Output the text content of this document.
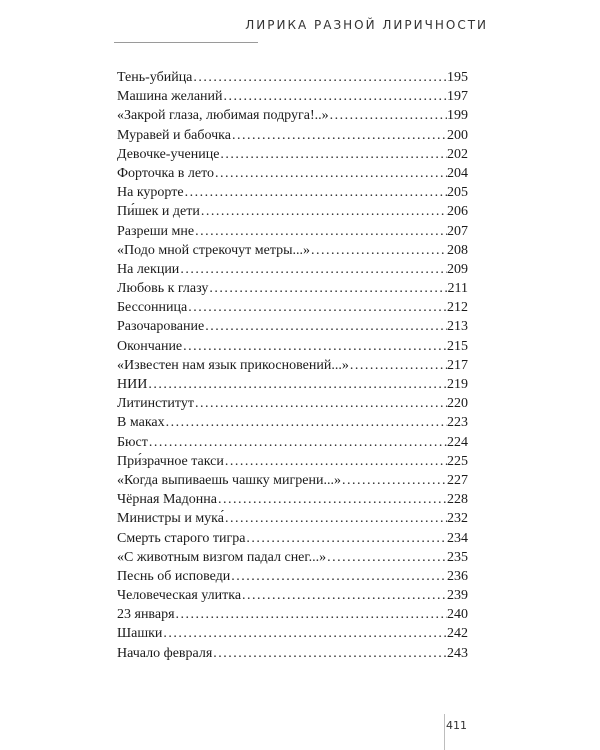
ЛИРИКА РАЗНОЙ ЛИРИЧНОСТИ
Тень-убийца .....	195
Машина желаний .....	197
«Закрой глаза, любимая подруга!..» .....	199
Муравей и бабочка .....	200
Девочке-ученице .....	202
Форточка в лето .....	204
На курорте .....	205
Пи́шек и дети .....	206
Разреши мне .....	207
«Подо мной стрекочут метры...» .....	208
На лекции .....	209
Любовь к глазу .....	211
Бессонница .....	212
Разочарование .....	213
Окончание .....	215
«Известен нам язык прикосновений...» .....	217
НИИ .....	219
Литинститут .....	220
В маках .....	223
Бюст .....	224
При́зрачное такси .....	225
«Когда выпиваешь чашку мигрени...» .....	227
Чёрная Мадонна .....	228
Министры и мука́ .....	232
Смерть старого тигра .....	234
«С животным визгом падал снег...» .....	235
Песнь об исповеди .....	236
Человеческая улитка .....	239
23 января .....	240
Шашки .....	242
Начало февраля .....	243
411
